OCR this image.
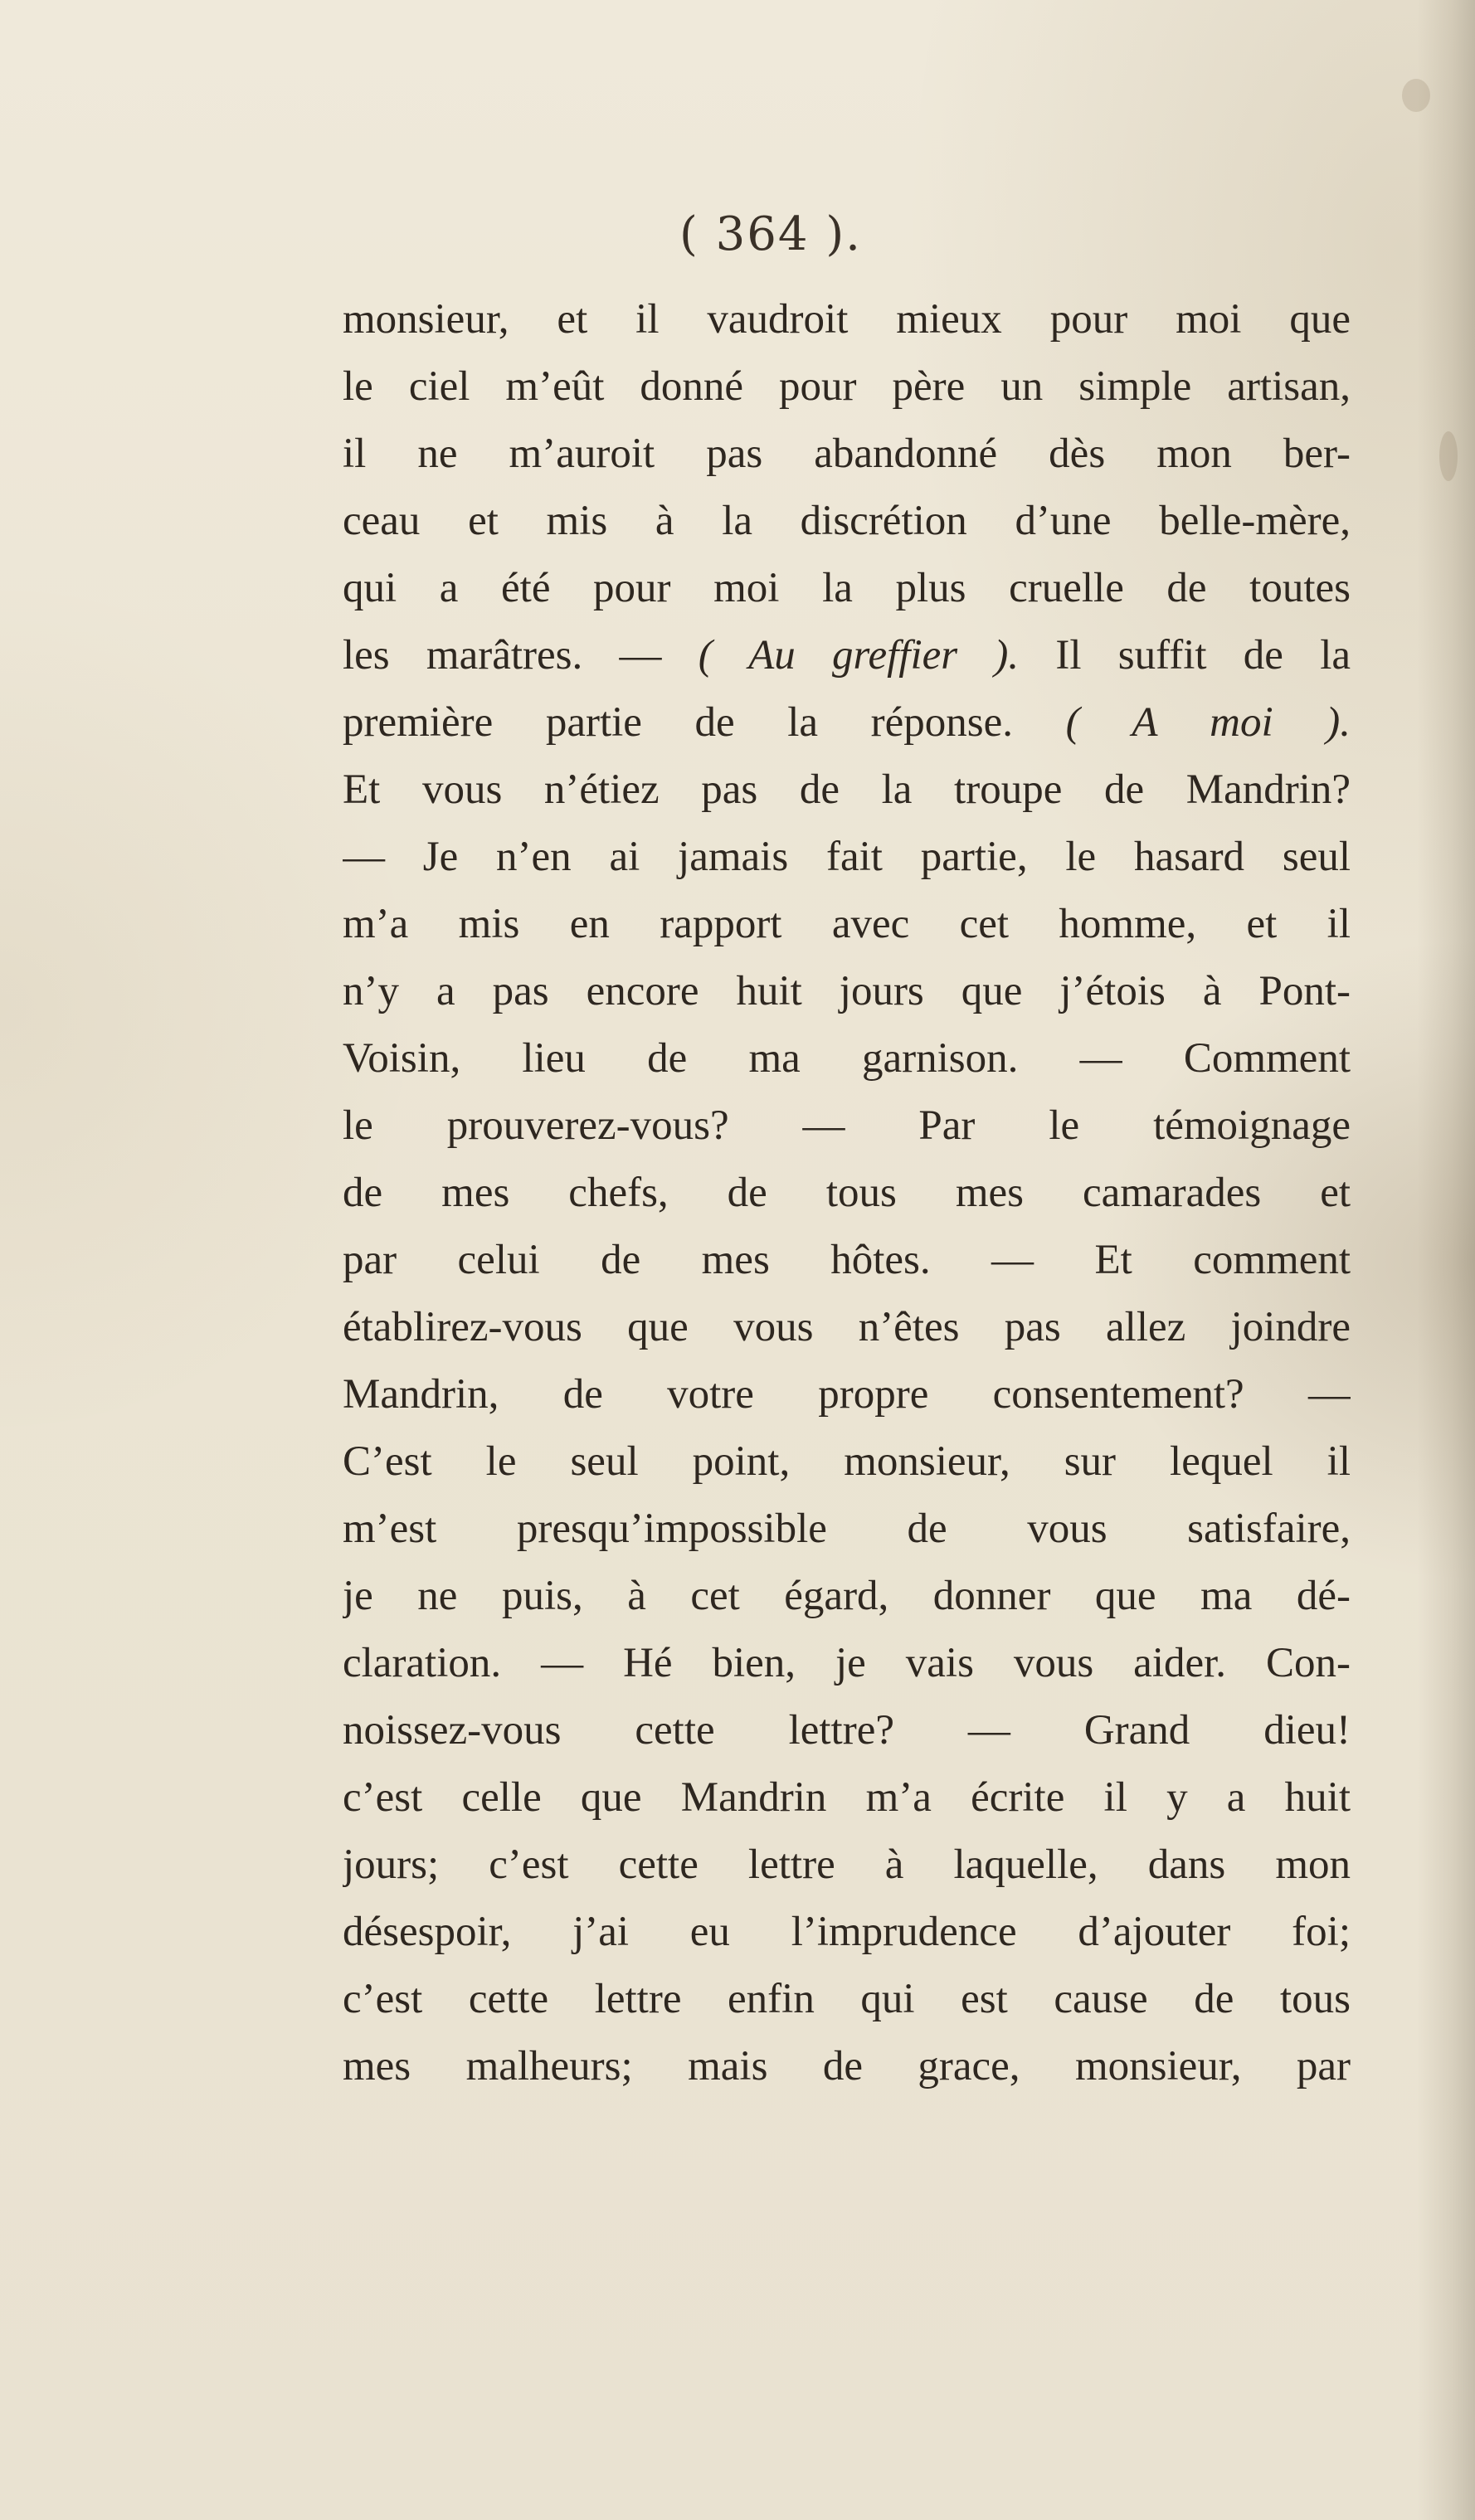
( 364 ).
monsieur, et il vaudroit mieux pour moi que
le ciel m’eût donné pour père un simple artisan,
il ne m’auroit pas abandonné dès mon ber-
ceau et mis à la discrétion d’une belle-mère,
qui a été pour moi la plus cruelle de toutes
les marâtres. — ( Au greffier ). Il suffit de la
première partie de la réponse. ( A moi ).
Et vous n’étiez pas de la troupe de Mandrin?
— Je n’en ai jamais fait partie, le hasard seul
m’a mis en rapport avec cet homme, et il
n’y a pas encore huit jours que j’étois à Pont-
Voisin, lieu de ma garnison. — Comment
le prouverez-vous? — Par le témoignage
de mes chefs, de tous mes camarades et
par celui de mes hôtes. — Et comment
établirez-vous que vous n’êtes pas allez joindre
Mandrin, de votre propre consentement? —
C’est le seul point, monsieur, sur lequel il
m’est presqu’impossible de vous satisfaire,
je ne puis, à cet égard, donner que ma dé-
claration. — Hé bien, je vais vous aider. Con-
noissez-vous cette lettre? — Grand dieu!
c’est celle que Mandrin m’a écrite il y a huit
jours; c’est cette lettre à laquelle, dans mon
désespoir, j’ai eu l’imprudence d’ajouter foi;
c’est cette lettre enfin qui est cause de tous
mes malheurs; mais de grace, monsieur, par
